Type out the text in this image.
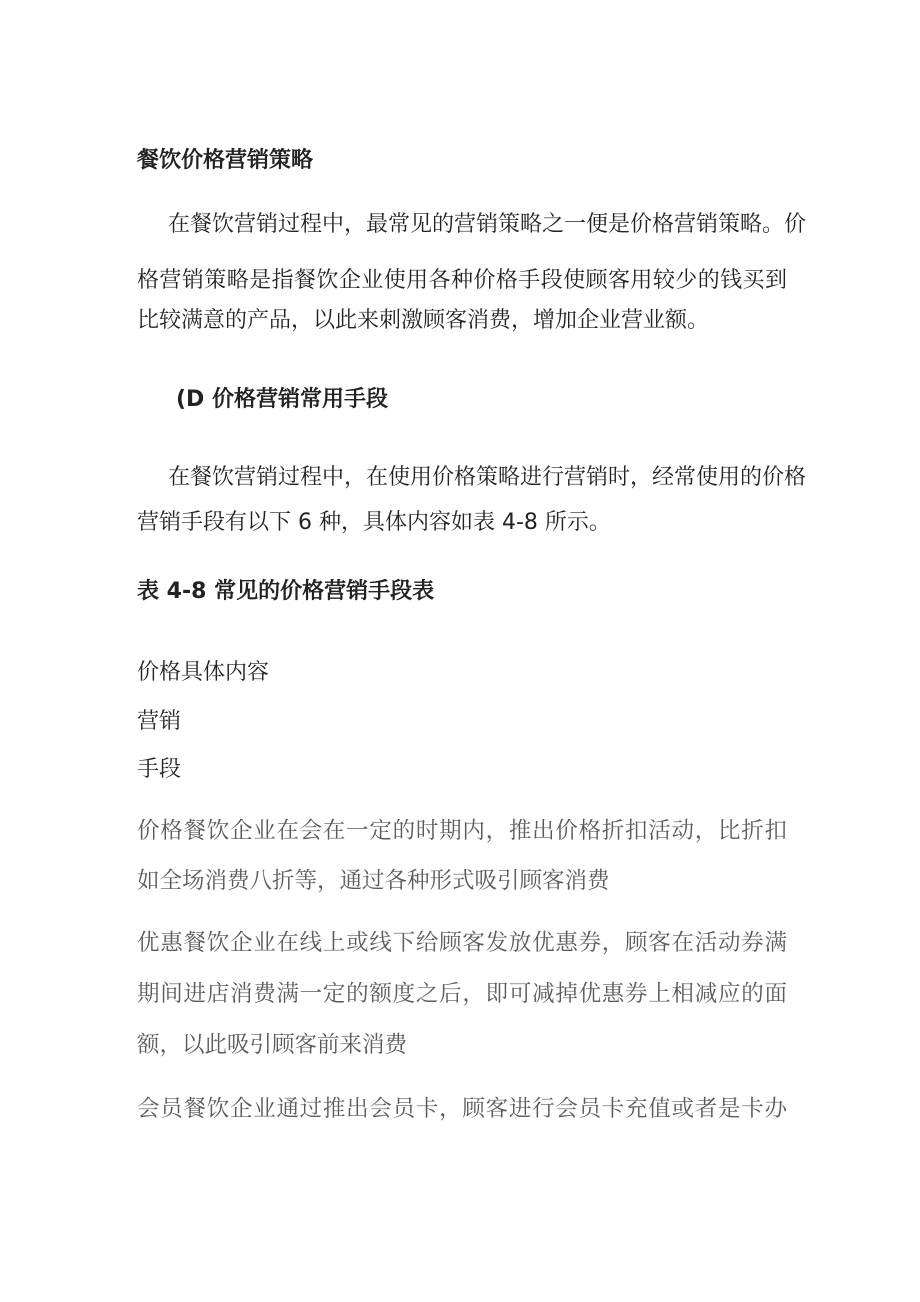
餐饮价格营销策略
在餐饮营销过程中，最常见的营销策略之一便是价格营销策略。价
格营销策略是指餐饮企业使用各种价格手段使顾客用较少的钱买到
比较满意的产品，以此来刺激顾客消费，增加企业营业额。
(D 价格营销常用手段
在餐饮营销过程中，在使用价格策略进行营销时，经常使用的价格
营销手段有以下 6 种，具体内容如表 4-8 所示。
表 4-8 常见的价格营销手段表
价格具体内容
营销
手段
价格餐饮企业在会在一定的时期内，推出价格折扣活动，比折扣
如全场消费八折等，通过各种形式吸引顾客消费
优惠餐饮企业在线上或线下给顾客发放优惠券，顾客在活动券满
期间进店消费满一定的额度之后，即可减掉优惠券上相减应的面
额，以此吸引顾客前来消费
会员餐饮企业通过推出会员卡，顾客进行会员卡充值或者是卡办
